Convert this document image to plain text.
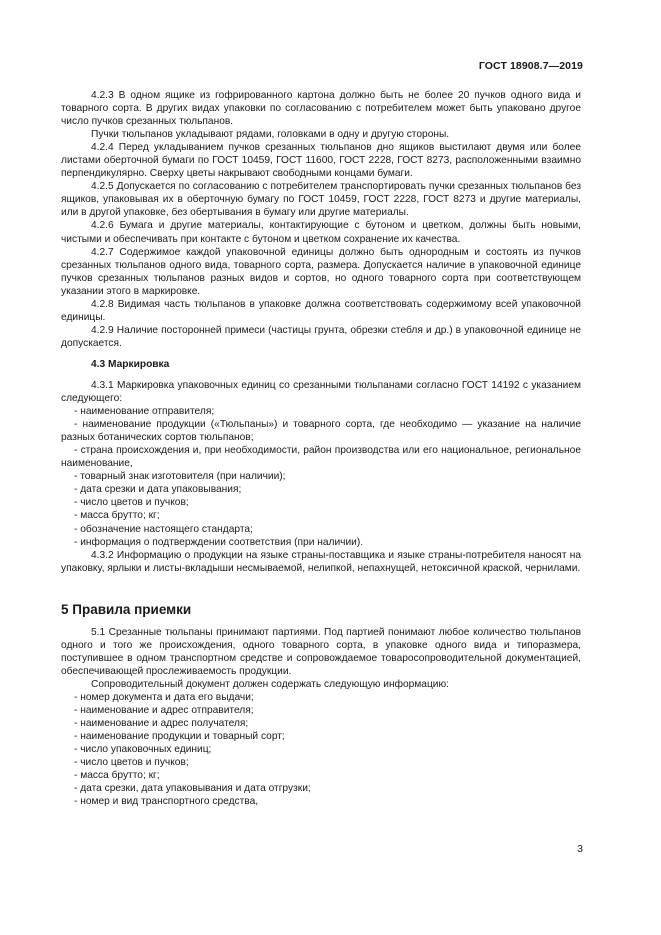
ГОСТ 18908.7—2019

4.2.3 В одном ящике из гофрированного картона должно быть не более 20 пучков одного вида и товарного сорта. В других видах упаковки по согласованию с потребителем может быть упаковано другое число пучков срезанных тюльпанов.

Пучки тюльпанов укладывают рядами, головками в одну и другую стороны.

4.2.4 Перед укладыванием пучков срезанных тюльпанов дно ящиков выстилают двумя или более листами оберточной бумаги по ГОСТ 10459, ГОСТ 11600, ГОСТ 2228, ГОСТ 8273, расположенными взаимно перпендикулярно. Сверху цветы накрывают свободными концами бумаги.

4.2.5 Допускается по согласованию с потребителем транспортировать пучки срезанных тюльпанов без ящиков, упаковывая их в оберточную бумагу по ГОСТ 10459, ГОСТ 2228, ГОСТ 8273 и другие материалы, или в другой упаковке, без обертывания в бумагу или другие материалы.

4.2.6 Бумага и другие материалы, контактирующие с бутоном и цветком, должны быть новыми, чистыми и обеспечивать при контакте с бутоном и цветком сохранение их качества.

4.2.7 Содержимое каждой упаковочной единицы должно быть однородным и состоять из пучков срезанных тюльпанов одного вида, товарного сорта, размера. Допускается наличие в упаковочной единице пучков срезанных тюльпанов разных видов и сортов, но одного товарного сорта при соответствующем указании этого в маркировке.

4.2.8 Видимая часть тюльпанов в упаковке должна соответствовать содержимому всей упаковочной единицы.

4.2.9 Наличие посторонней примеси (частицы грунта, обрезки стебля и др.) в упаковочной единице не допускается.

4.3 Маркировка

4.3.1 Маркировка упаковочных единиц со срезанными тюльпанами согласно ГОСТ 14192 с указанием следующего:

- наименование отправителя;

- наименование продукции («Тюльпаны») и товарного сорта, где необходимо — указание на наличие разных ботанических сортов тюльпанов;

- страна происхождения и, при необходимости, район производства или его национальное, региональное наименование,

- товарный знак изготовителя (при наличии);

- дата срезки и дата упаковывания;

- число цветов и пучков;

- масса брутто; кг;

- обозначение настоящего стандарта;

- информация о подтверждении соответствия (при наличии).

4.3.2 Информацию о продукции на языке страны-поставщика и языке страны-потребителя наносят на упаковку, ярлыки и листы-вкладыши несмываемой, нелипкой, непахнущей, нетоксичной краской, чернилами.

5 Правила приемки

5.1 Срезанные тюльпаны принимают партиями. Под партией понимают любое количество тюльпанов одного и того же происхождения, одного товарного сорта, в упаковке одного вида и типоразмера, поступившее в одном транспортном средстве и сопровождаемое товаросопроводительной документацией, обеспечивающей прослеживаемость продукции.

Сопроводительный документ должен содержать следующую информацию:

- номер документа и дата его выдачи;

- наименование и адрес отправителя;

- наименование и адрес получателя;

- наименование продукции и товарный сорт;

- число упаковочных единиц;

- число цветов и пучков;

- масса брутто; кг;

- дата срезки, дата упаковывания и дата отгрузки;

- номер и вид транспортного средства,

3
